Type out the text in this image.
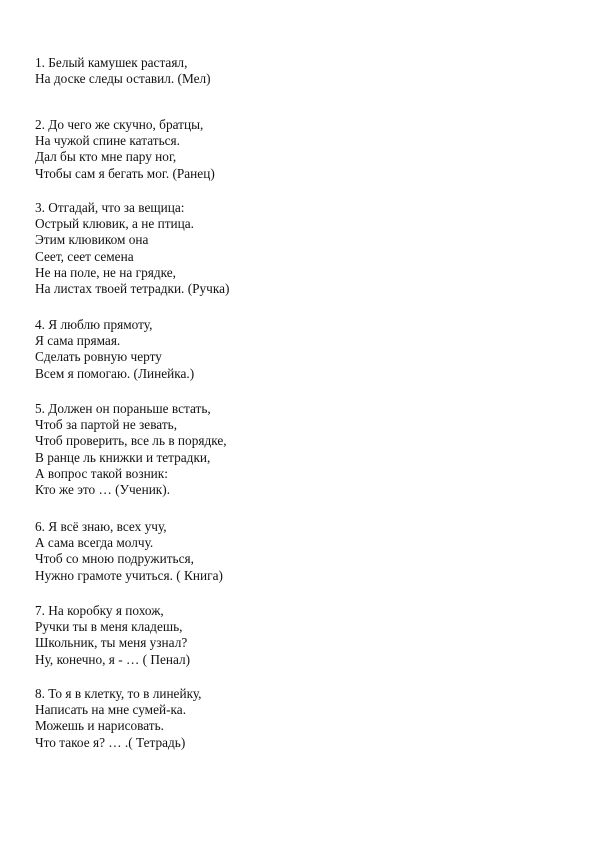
1. Белый камушек растаял,
На доске следы оставил. (Мел)
2. До чего же скучно, братцы,
На чужой спине кататься.
Дал бы кто мне пару ног,
Чтобы сам я бегать мог. (Ранец)
3. Отгадай, что за вещица:
Острый клювик, а не птица.
Этим клювиком она
Сеет, сеет семена
Не на поле, не на грядке,
На листах твоей тетрадки. (Ручка)
4. Я люблю прямоту,
Я сама прямая.
Сделать ровную черту
Всем я помогаю. (Линейка.)
5. Должен он пораньше встать,
Чтоб за партой не зевать,
Чтоб проверить, все ль в порядке,
В ранце ль книжки и тетрадки,
А вопрос такой возник:
Кто же это … (Ученик).
6. Я всё знаю, всех учу,
А сама всегда молчу.
Чтоб со мною подружиться,
Нужно грамоте учиться. ( Книга)
7. На коробку я похож,
Ручки ты в меня кладешь,
Школьник, ты меня узнал?
Ну, конечно, я - … ( Пенал)
8. То я в клетку, то в линейку,
Написать на мне сумей-ка.
Можешь и нарисовать.
Что такое я? … .( Тетрадь)
